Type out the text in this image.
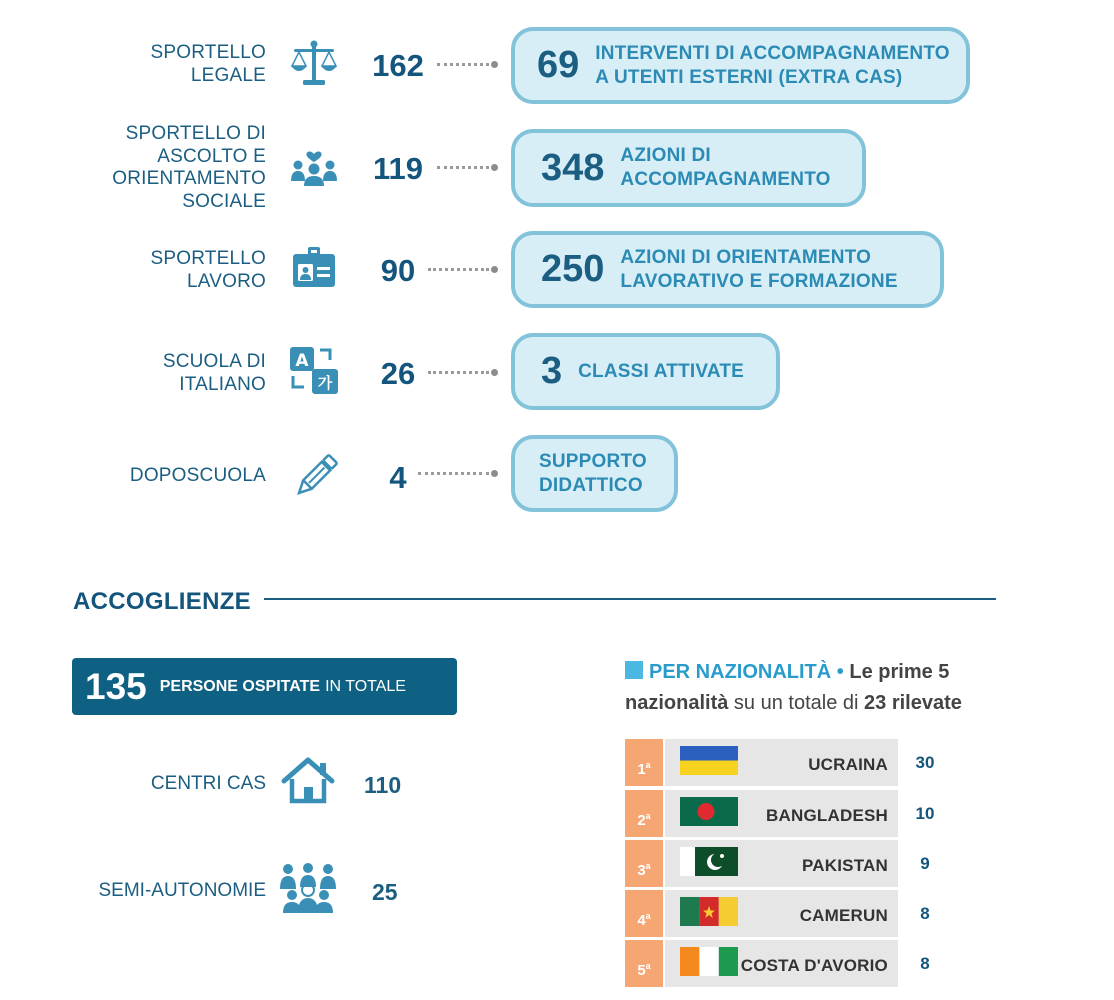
SPORTELLO
LEGALE	162	69 INTERVENTI DI ACCOMPAGNAMENTO
A UTENTI ESTERNI (EXTRA CAS)
SPORTELLO DI
ASCOLTO E
ORIENTAMENTO
SOCIALE
119	348 AZIONI DI
ACCOMPAGNAMENTO
SPORTELLO
LAVORO	90	250 AZIONI DI ORIENTAMENTO
LAVORATIVO E FORMAZIONE
SCUOLA DI
ITALIANO
A
가	26	3 CLASSI ATTIVATE
DOPOSCUOLA	4	SUPPORTO
DIDATTICO
ACCOGLIENZE
135 PERSONE OSPITATE IN TOTALE
CENTRI CAS	110
SEMI-AUTONOMIE	25
PER NAZIONALITÀ • Le prime 5
nazionalità su un totale di 23 rilevate
1$^a$	UCRAINA	30
2$^a$	BANGLADESH	10
3$^a$	PAKISTAN	9
4$^a$	CAMERUN	8
5$^a$	COSTA D'AVORIO	8
